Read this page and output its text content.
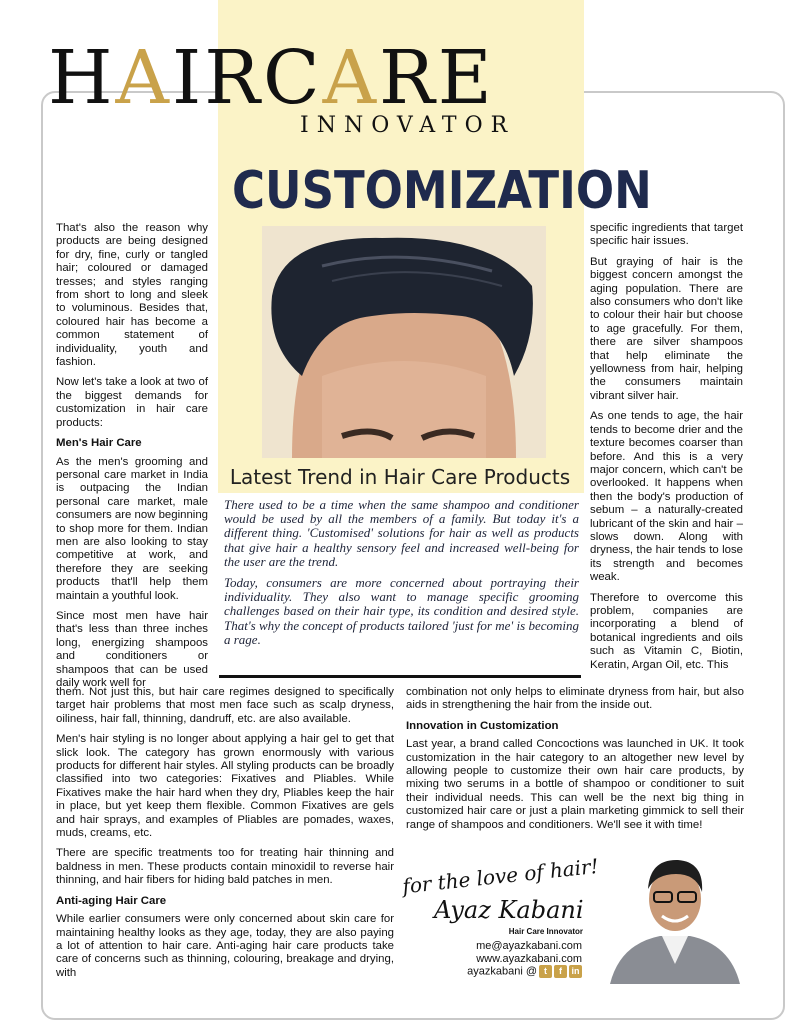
HAIRCARE
INNOVATOR
CUSTOMIZATION
Latest Trend in Hair Care Products

There used to be a time when the same shampoo and conditioner would be used by all the members of a family. But today it's a different thing. 'Customised' solutions for hair as well as products that give hair a healthy sensory feel and increased well-being for the user are the trend.

Today, consumers are more concerned about portraying their individuality. They also want to manage specific grooming challenges based on their hair type, its condition and desired style. That's why the concept of products tailored 'just for me' is becoming a rage.

That's also the reason why products are being designed for dry, fine, curly or tangled hair; coloured or damaged tresses; and styles ranging from short to long and sleek to voluminous. Besides that, coloured hair has become a common statement of individuality, youth and fashion.

Now let's take a look at two of the biggest demands for customization in hair care products:

Men's Hair Care

As the men's grooming and personal care market in India is outpacing the Indian personal care market, male consumers are now beginning to shop more for them. Indian men are also looking to stay competitive at work, and therefore they are seeking products that'll help them maintain a youthful look.

Since most men have hair that's less than three inches long, energizing shampoos and conditioners or shampoos that can be used daily work well for

specific ingredients that target specific hair issues.

But graying of hair is the biggest concern amongst the aging population. There are also consumers who don't like to colour their hair but choose to age gracefully. For them, there are silver shampoos that help eliminate the yellowness from hair, helping the consumers maintain vibrant silver hair.

As one tends to age, the hair tends to become drier and the texture becomes coarser than before. And this is a very major concern, which can't be overlooked. It happens when then the body's production of sebum – a naturally-created lubricant of the skin and hair – slows down. Along with dryness, the hair tends to lose its strength and becomes weak.

Therefore to overcome this problem, companies are incorporating a blend of botanical ingredients and oils such as Vitamin C, Biotin, Keratin, Argan Oil, etc. This

them. Not just this, but hair care regimes designed to specifically target hair problems that most men face such as scalp dryness, oiliness, hair fall, thinning, dandruff, etc. are also available.

Men's hair styling is no longer about applying a hair gel to get that slick look. The category has grown enormously with various products for different hair styles. All styling products can be broadly classified into two categories: Fixatives and Pliables. While Fixatives make the hair hard when they dry, Pliables keep the hair in place, but yet keep them flexible. Common Fixatives are gels and hair sprays, and examples of Pliables are pomades, waxes, muds, creams, etc.

There are specific treatments too for treating hair thinning and baldness in men. These products contain minoxidil to reverse hair thinning, and hair fibers for hiding bald patches in men.

Anti-aging Hair Care

While earlier consumers were only concerned about skin care for maintaining healthy looks as they age, today, they are also paying a lot of attention to hair care. Anti-aging hair care products take care of concerns such as thinning, colouring, breakage and drying, with

combination not only helps to eliminate dryness from hair, but also aids in strengthening the hair from the inside out.

Innovation in Customization

Last year, a brand called Concoctions was launched in UK. It took customization in the hair category to an altogether new level by allowing people to customize their own hair care products, by mixing two serums in a bottle of shampoo or conditioner to suit their individual needs. This can well be the next big thing in customized hair care or just a plain marketing gimmick to sell their range of shampoos and conditioners. We'll see it with time!

for the love of hair!
Ayaz Kabani
Hair Care Innovator
me@ayazkabani.com
www.ayazkabani.com
ayazkabani @ t f in
